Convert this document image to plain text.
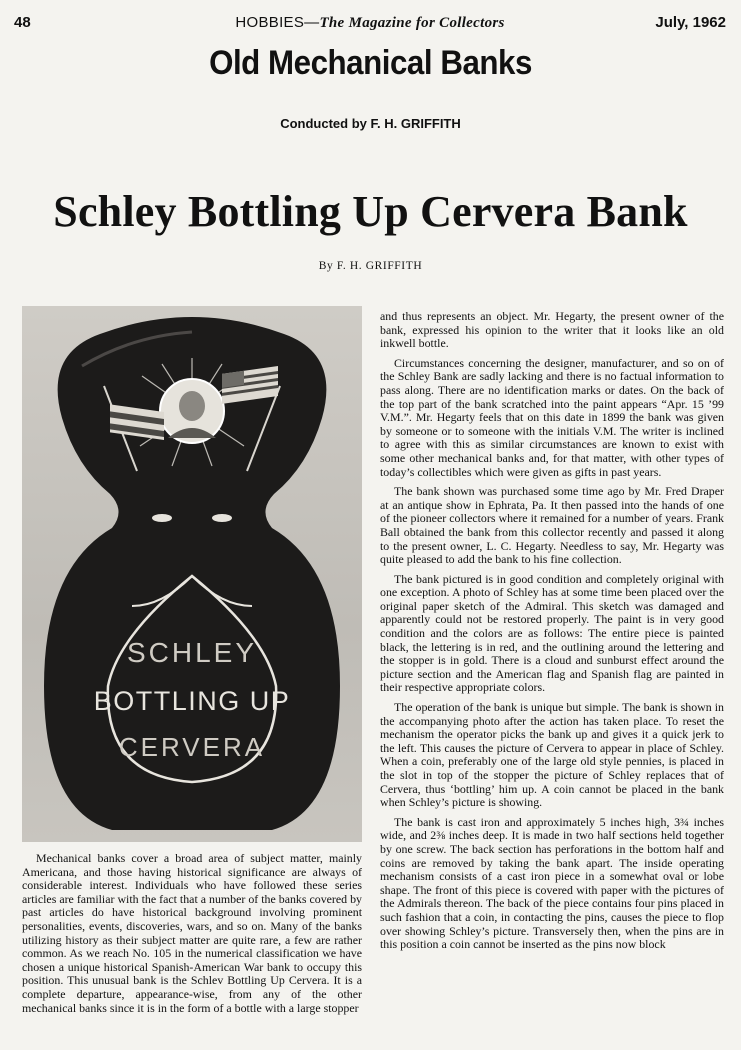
48	HOBBIES—The Magazine for Collectors	July, 1962
Old Mechanical Banks
Conducted by F. H. GRIFFITH
Schley Bottling Up Cervera Bank
By F. H. GRIFFITH
SCHLEY
BOTTLING UP
CERVERA

Mechanical banks cover a broad area of subject matter, mainly Americana, and those having historical significance are always of considerable interest. Individuals who have followed these series articles are familiar with the fact that a number of the banks covered by past articles do have historical background involving prominent personalities, events, discoveries, wars, and so on. Many of the banks utilizing history as their subject matter are quite rare, a few are rather common. As we reach No. 105 in the numerical classification we have chosen a unique historical Spanish-American War bank to occupy this position. This unusual bank is the Schlev Bottling Up Cervera. It is a complete departure, appearance-wise, from any of the other mechanical banks since it is in the form of a bottle with a large stopper

and thus represents an object. Mr. Hegarty, the present owner of the bank, expressed his opinion to the writer that it looks like an old inkwell bottle.

Circumstances concerning the designer, manufacturer, and so on of the Schley Bank are sadly lacking and there is no factual information to pass along. There are no identification marks or dates. On the back of the top part of the bank scratched into the paint appears “Apr. 15 ’99 V.M.”. Mr. Hegarty feels that on this date in 1899 the bank was given by someone or to someone with the initials V.M. The writer is inclined to agree with this as similar circumstances are known to exist with some other mechanical banks and, for that matter, with other types of today’s collectibles which were given as gifts in past years.

The bank shown was purchased some time ago by Mr. Fred Draper at an antique show in Ephrata, Pa. It then passed into the hands of one of the pioneer collectors where it remained for a number of years. Frank Ball obtained the bank from this collector recently and passed it along to the present owner, L. C. Hegarty. Needless to say, Mr. Hegarty was quite pleased to add the bank to his fine collection.

The bank pictured is in good condition and completely original with one exception. A photo of Schley has at some time been placed over the original paper sketch of the Admiral. This sketch was damaged and apparently could not be restored properly. The paint is in very good condition and the colors are as follows: The entire piece is painted black, the lettering is in red, and the outlining around the lettering and the stopper is in gold. There is a cloud and sunburst effect around the picture section and the American flag and Spanish flag are painted in their respective appropriate colors.

The operation of the bank is unique but simple. The bank is shown in the accompanying photo after the action has taken place. To reset the mechanism the operator picks the bank up and gives it a quick jerk to the left. This causes the picture of Cervera to appear in place of Schley. When a coin, preferably one of the large old style pennies, is placed in the slot in top of the stopper the picture of Schley replaces that of Cervera, thus ‘bottling’ him up. A coin cannot be placed in the bank when Schley’s picture is showing.

The bank is cast iron and approximately 5 inches high, 3¾ inches wide, and 2⅜ inches deep. It is made in two half sections held together by one screw. The back section has perforations in the bottom half and coins are removed by taking the bank apart. The inside operating mechanism consists of a cast iron piece in a somewhat oval or lobe shape. The front of this piece is covered with paper with the pictures of the Admirals thereon. The back of the piece contains four pins placed in such fashion that a coin, in contacting the pins, causes the piece to flop over showing Schley’s picture. Transversely then, when the pins are in this position a coin cannot be inserted as the pins now block
